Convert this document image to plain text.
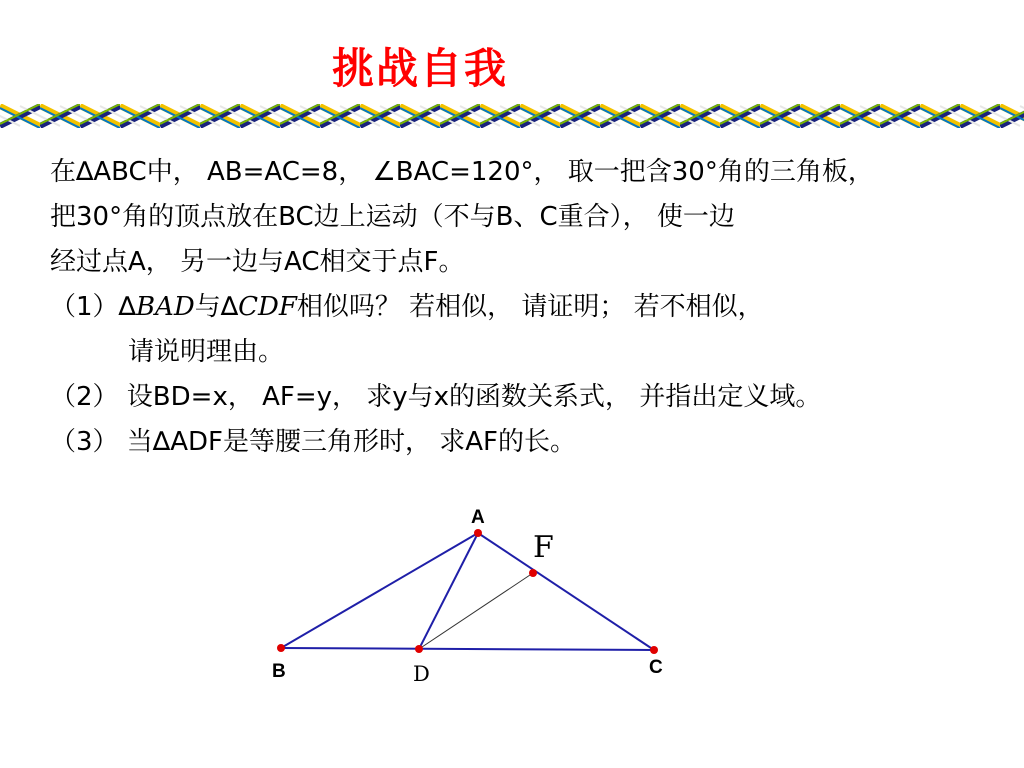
挑战自我
在∆ABC中， AB=AC=8， ∠BAC=120°， 取一把含30°角的三角板，
把30°角的顶点放在BC边上运动（不与B、C重合）， 使一边
经过点A， 另一边与AC相交于点F。
（1）∆BAD与∆CDF相似吗？ 若相似， 请证明； 若不相似，
请说明理由。
（2） 设BD=x， AF=y， 求y与x的函数关系式， 并指出定义域。
（3） 当∆ADF是等腰三角形时， 求AF的长。
A
B	C
D
F
